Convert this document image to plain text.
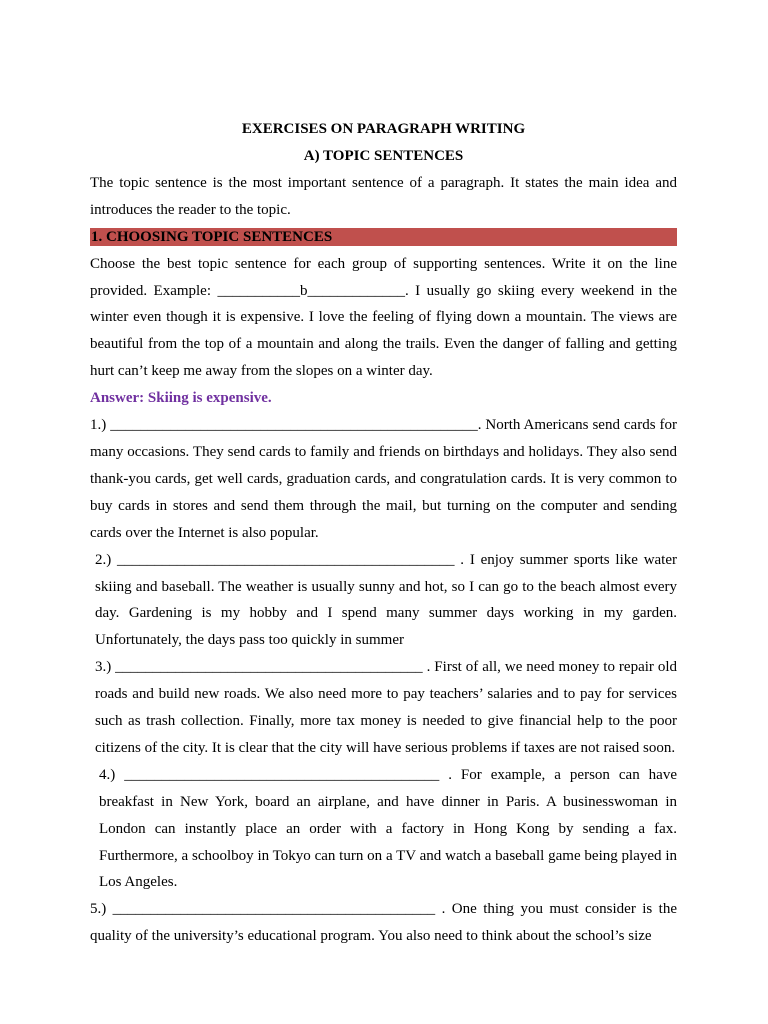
EXERCISES ON PARAGRAPH WRITING
A) TOPIC SENTENCES

The topic sentence is the most important sentence of a paragraph. It states the main idea and introduces the reader to the topic.

1. CHOOSING TOPIC SENTENCES

Choose the best topic sentence for each group of supporting sentences. Write it on the line provided. Example: ___________b_____________. I usually go skiing every weekend in the winter even though it is expensive. I love the feeling of flying down a mountain. The views are beautiful from the top of a mountain and along the trails. Even the danger of falling and getting hurt can’t keep me away from the slopes on a winter day.

Answer: Skiing is expensive.

1.) _________________________________________________. North Americans send cards for many occasions. They send cards to family and friends on birthdays and holidays. They also send thank-you cards, get well cards, graduation cards, and congratulation cards. It is very common to buy cards in stores and send them through the mail, but turning on the computer and sending cards over the Internet is also popular.

2.) _____________________________________________ . I enjoy summer sports like water skiing and baseball. The weather is usually sunny and hot, so I can go to the beach almost every day. Gardening is my hobby and I spend many summer days working in my garden. Unfortunately, the days pass too quickly in summer

3.) _________________________________________ . First of all, we need money to repair old roads and build new roads. We also need more to pay teachers’ salaries and to pay for services such as trash collection. Finally, more tax money is needed to give financial help to the poor citizens of the city. It is clear that the city will have serious problems if taxes are not raised soon.

4.) __________________________________________ . For example, a person can have breakfast in New York, board an airplane, and have dinner in Paris. A businesswoman in London can instantly place an order with a factory in Hong Kong by sending a fax. Furthermore, a schoolboy in Tokyo can turn on a TV and watch a baseball game being played in Los Angeles.

5.) ___________________________________________ . One thing you must consider is the quality of the university’s educational program. You also need to think about the school’s size
